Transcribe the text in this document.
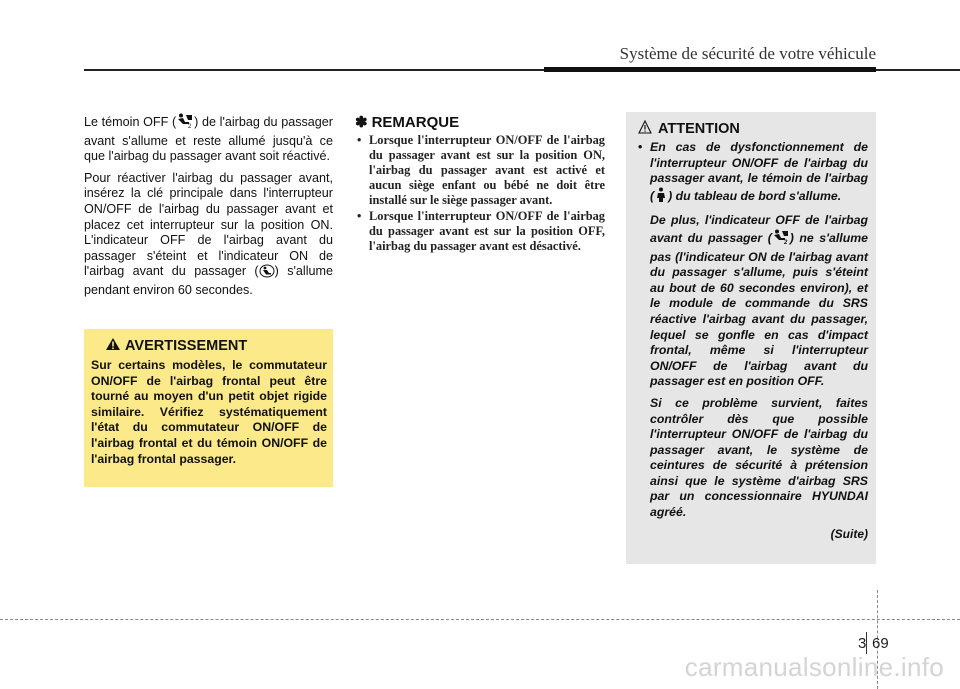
Système de sécurité de votre véhicule

Le témoin OFF ( 2 ) de l'airbag du passager avant s'allume et reste allumé jusqu'à ce que l'airbag du passager avant soit réactivé.

Pour réactiver l'airbag du passager avant, insérez la clé principale dans l'interrupteur ON/OFF de l'airbag du passager avant et placez cet interrupteur sur la position ON. L'indicateur OFF de l'airbag avant du passager s'éteint et l'indicateur ON de l'airbag avant du passager ( ) s'allume pendant environ 60 secondes.

AVERTISSEMENT

Sur certains modèles, le commutateur ON/OFF de l'airbag frontal peut être tourné au moyen d'un petit objet rigide similaire. Vérifiez systématiquement l'état du commutateur ON/OFF de l'airbag frontal et du témoin ON/OFF de l'airbag frontal passager.

✽ REMARQUE
• Lorsque l'interrupteur ON/OFF de l'airbag du passager avant est sur la position ON, l'airbag du passager avant est activé et aucun siège enfant ou bébé ne doit être installé sur le siège passager avant.
• Lorsque l'interrupteur ON/OFF de l'airbag du passager avant est sur la position OFF, l'airbag du passager avant est désactivé.
ATTENTION
• En cas de dysfonctionnement de l'interrupteur ON/OFF de l'airbag du passager avant, le témoin de l'airbag ( ) du tableau de bord s'allume.

De plus, l'indicateur OFF de l'airbag avant du passager ( 2 ) ne s'allume pas (l'indicateur ON de l'airbag avant du passager s'allume, puis s'éteint au bout de 60 secondes environ), et le module de commande du SRS réactive l'airbag avant du passager, lequel se gonfle en cas d'impact frontal, même si l'interrupteur ON/OFF de l'airbag avant du passager est en position OFF.

Si ce problème survient, faites contrôler dès que possible l'interrupteur ON/OFF de l'airbag du passager avant, le système de ceintures de sécurité à prétension ainsi que le système d'airbag SRS par un concessionnaire HYUNDAI agréé.

(Suite)
3 69
carmanualsonline.info
